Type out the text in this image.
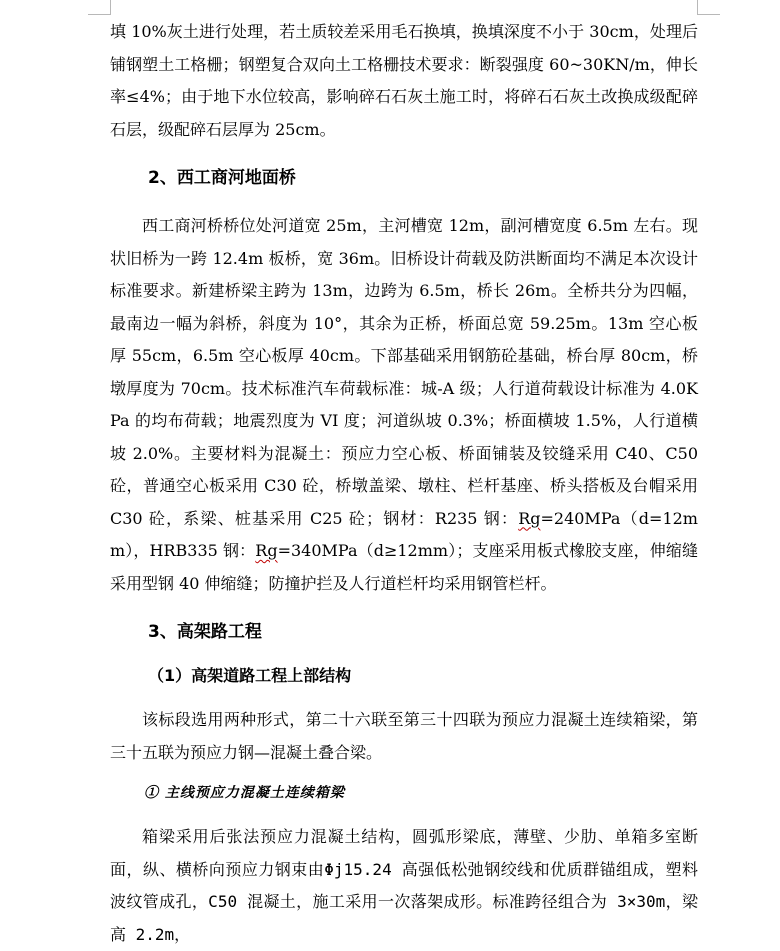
填 10%灰土进行处理，若土质较差采用毛石换填，换填深度不小于 30cm，处理后铺钢塑土工格栅；钢塑复合双向土工格栅技术要求：断裂强度 60~30KN/m，伸长率≤4%；由于地下水位较高，影响碎石石灰土施工时，将碎石石灰土改换成级配碎石层，级配碎石层厚为 25cm。

2、西工商河地面桥

西工商河桥桥位处河道宽 25m，主河槽宽 12m，副河槽宽度 6.5m 左右。现状旧桥为一跨 12.4m 板桥，宽 36m。旧桥设计荷载及防洪断面均不满足本次设计标准要求。新建桥梁主跨为 13m，边跨为 6.5m，桥长 26m。全桥共分为四幅，最南边一幅为斜桥，斜度为 10°，其余为正桥，桥面总宽 59.25m。13m 空心板厚 55cm，6.5m 空心板厚 40cm。下部基础采用钢筋砼基础，桥台厚 80cm，桥墩厚度为 70cm。技术标准汽车荷载标准：城-A 级；人行道荷载设计标准为 4.0KPa 的均布荷载；地震烈度为 VI 度；河道纵坡 0.3%；桥面横坡 1.5%，人行道横坡 2.0%。主要材料为混凝土：预应力空心板、桥面铺装及铰缝采用 C40、C50 砼，普通空心板采用 C30 砼，桥墩盖梁、墩柱、栏杆基座、桥头搭板及台帽采用 C30 砼，系梁、桩基采用 C25 砼；钢材：R235 钢：Rg=240MPa（d=12mm），HRB335 钢：Rg=340MPa（d≥12mm）；支座采用板式橡胶支座，伸缩缝采用型钢 40 伸缩缝；防撞护拦及人行道栏杆均采用钢管栏杆。

3、高架路工程
（1）高架道路工程上部结构

该标段选用两种形式，第二十六联至第三十四联为预应力混凝土连续箱梁，第三十五联为预应力钢—混凝土叠合梁。

① 主线预应力混凝土连续箱梁

箱梁采用后张法预应力混凝土结构，圆弧形梁底，薄壁、少肋、单箱多室断面，纵、横桥向预应力钢束由Φj15.24 高强低松弛钢绞线和优质群锚组成，塑料波纹管成孔，C50 混凝土，施工采用一次落架成形。标准跨径组合为 3×30m，梁高 2.2m，
